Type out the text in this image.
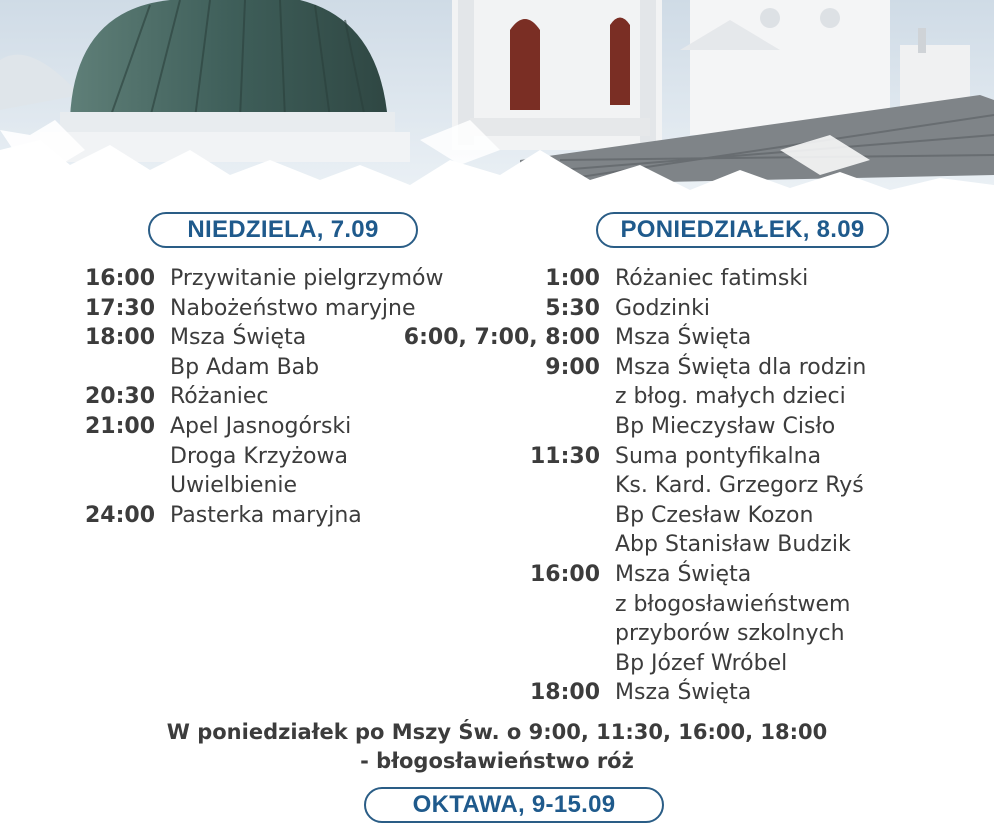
NIEDZIELA, 7.09	PONIEDZIAŁEK, 8.09
16:00 Przywitanie pielgrzymów
17:30 Nabożeństwo maryjne
18:00 Msza Święta
Bp Adam Bab
20:30 Różaniec
21:00 Apel Jasnogórski
Droga Krzyżowa
Uwielbienie
24:00 Pasterka maryjna
1:00 Różaniec fatimski
5:30 Godzinki
6:00, 7:00, 8:00 Msza Święta
9:00 Msza Święta dla rodzin
z błog. małych dzieci
Bp Mieczysław Cisło
11:30 Suma pontyfikalna
Ks. Kard. Grzegorz Ryś
Bp Czesław Kozon
Abp Stanisław Budzik
16:00 Msza Święta
z błogosławieństwem
przyborów szkolnych
Bp Józef Wróbel
18:00 Msza Święta
W poniedziałek po Mszy Św. o 9:00, 11:30, 16:00, 18:00
- błogosławieństwo róż
OKTAWA, 9-15.09
